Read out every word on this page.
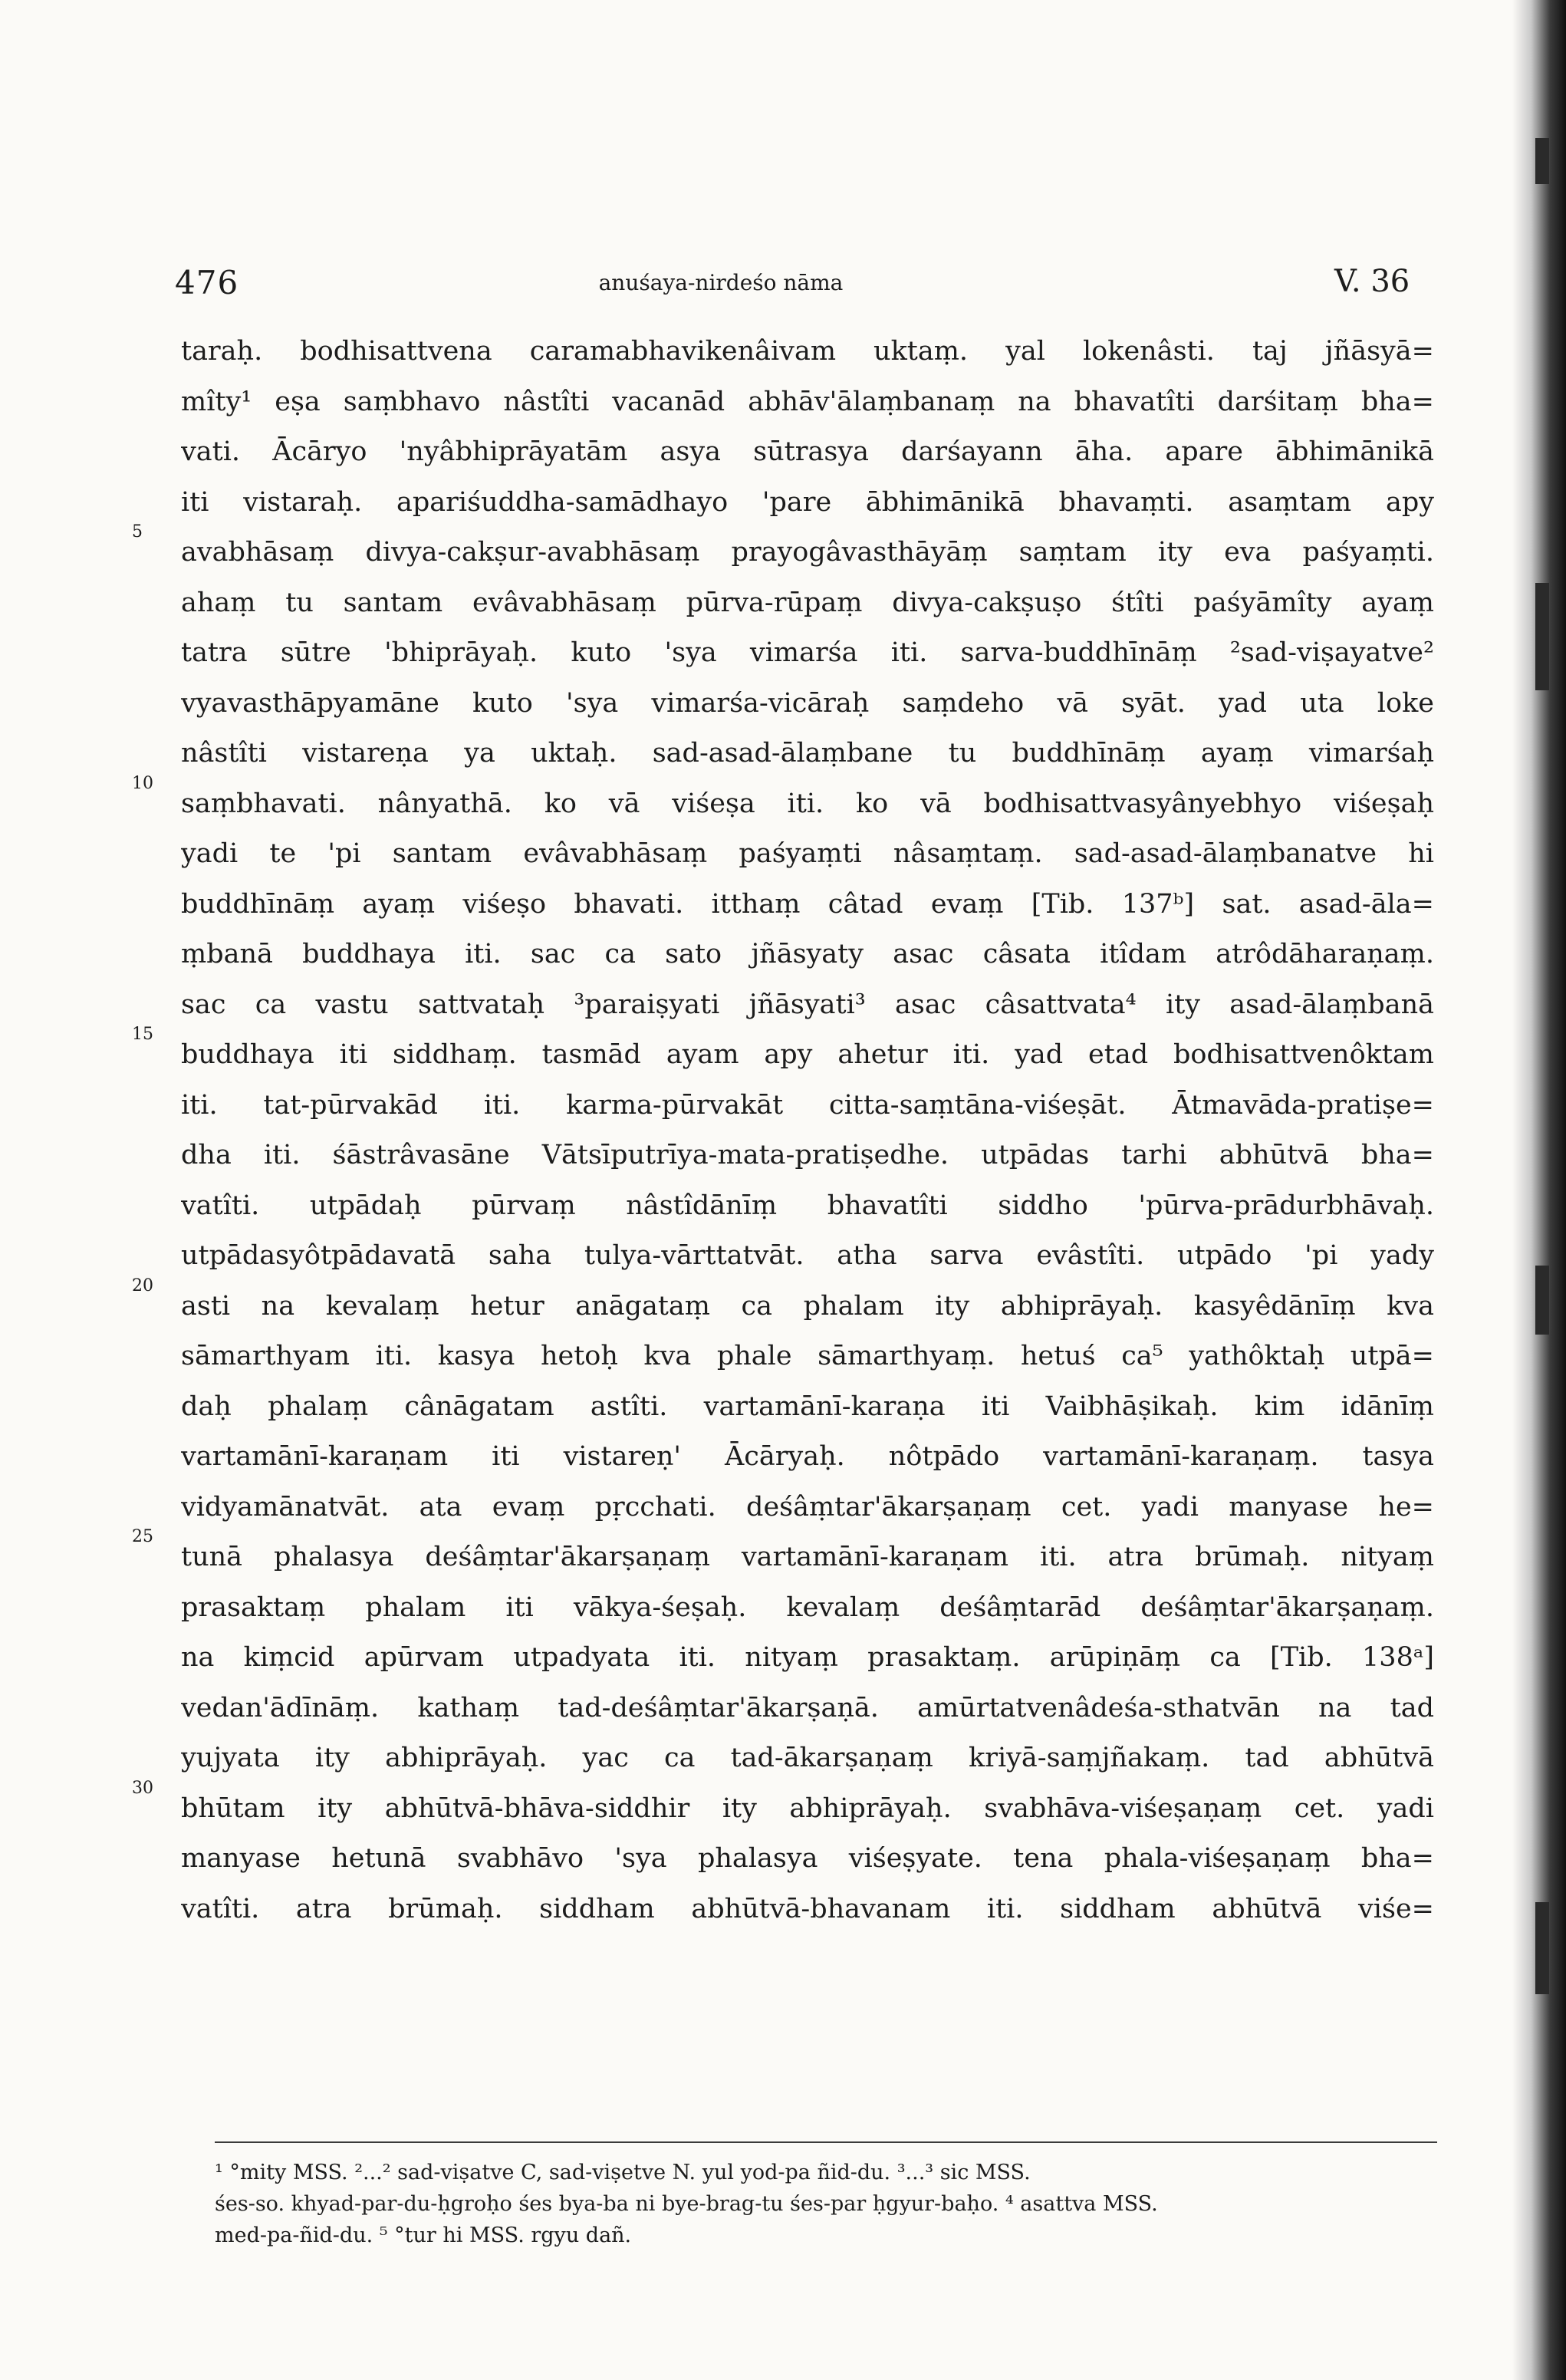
476	anuśaya-nirdeśo nāma	V. 36
5
10
15
20
25
30
taraḥ. bodhisattvena caramabhavikenâivam uktaṃ. yal lokenâsti. taj jñāsyā=
mîty¹ eṣa saṃbhavo nâstîti vacanād abhāv'ālaṃbanaṃ na bhavatîti darśitaṃ bha=
vati. Ācāryo 'nyâbhiprāyatām asya sūtrasya darśayann āha. apare ābhimānikā
iti vistaraḥ. apariśuddha-samādhayo 'pare ābhimānikā bhavaṃti. asaṃtam apy
avabhāsaṃ divya-cakṣur-avabhāsaṃ prayogâvasthāyāṃ saṃtam ity eva paśyaṃti.
ahaṃ tu santam evâvabhāsaṃ pūrva-rūpaṃ divya-cakṣuṣo śtîti paśyāmîty ayaṃ
tatra sūtre 'bhiprāyaḥ. kuto 'sya vimarśa iti. sarva-buddhīnāṃ ²sad-viṣayatve²
vyavasthāpyamāne kuto 'sya vimarśa-vicāraḥ saṃdeho vā syāt. yad uta loke
nâstîti vistareṇa ya uktaḥ. sad-asad-ālaṃbane tu buddhīnāṃ ayaṃ vimarśaḥ
saṃbhavati. nânyathā. ko vā viśeṣa iti. ko vā bodhisattvasyânyebhyo viśeṣaḥ
yadi te 'pi santam evâvabhāsaṃ paśyaṃti nâsaṃtaṃ. sad-asad-ālaṃbanatve hi
buddhīnāṃ ayaṃ viśeṣo bhavati. itthaṃ câtad evaṃ [Tib. 137ᵇ] sat. asad-āla=
ṃbanā buddhaya iti. sac ca sato jñāsyaty asac câsata itîdam atrôdāharaṇaṃ.
sac ca vastu sattvataḥ ³paraiṣyati jñāsyati³ asac câsattvata⁴ ity asad-ālaṃbanā
buddhaya iti siddhaṃ. tasmād ayam apy ahetur iti. yad etad bodhisattvenôktam
iti. tat-pūrvakād iti. karma-pūrvakāt citta-saṃtāna-viśeṣāt. Ātmavāda-pratiṣe=
dha iti. śāstrâvasāne Vātsīputrīya-mata-pratiṣedhe. utpādas tarhi abhūtvā bha=
vatîti. utpādaḥ pūrvaṃ nâstîdānīṃ bhavatîti siddho 'pūrva-prādurbhāvaḥ.
utpādasyôtpādavatā saha tulya-vārttatvāt. atha sarva evâstîti. utpādo 'pi yady
asti na kevalaṃ hetur anāgataṃ ca phalam ity abhiprāyaḥ. kasyêdānīṃ kva
sāmarthyam iti. kasya hetoḥ kva phale sāmarthyaṃ. hetuś ca⁵ yathôktaḥ utpā=
daḥ phalaṃ cânāgatam astîti. vartamānī-karaṇa iti Vaibhāṣikaḥ. kim idānīṃ
vartamānī-karaṇam iti vistareṇ' Ācāryaḥ. nôtpādo vartamānī-karaṇaṃ. tasya
vidyamānatvāt. ata evaṃ pṛcchati. deśâṃtar'ākarṣaṇaṃ cet. yadi manyase he=
tunā phalasya deśâṃtar'ākarṣaṇaṃ vartamānī-karaṇam iti. atra brūmaḥ. nityaṃ
prasaktaṃ phalam iti vākya-śeṣaḥ. kevalaṃ deśâṃtarād deśâṃtar'ākarṣaṇaṃ.
na kiṃcid apūrvam utpadyata iti. nityaṃ prasaktaṃ. arūpiṇāṃ ca [Tib. 138ᵃ]
vedan'ādīnāṃ. kathaṃ tad-deśâṃtar'ākarṣaṇā. amūrtatvenâdeśa-sthatvān na tad
yujyata ity abhiprāyaḥ. yac ca tad-ākarṣaṇaṃ kriyā-saṃjñakaṃ. tad abhūtvā
bhūtam ity abhūtvā-bhāva-siddhir ity abhiprāyaḥ. svabhāva-viśeṣaṇaṃ cet. yadi
manyase hetunā svabhāvo 'sya phalasya viśeṣyate. tena phala-viśeṣaṇaṃ bha=
vatîti. atra brūmaḥ. siddham abhūtvā-bhavanam iti. siddham abhūtvā viśe=
¹ °mity MSS. ²...² sad-viṣatve C, sad-viṣetve N. yul yod-pa ñid-du. ³...³ sic MSS.
śes-so. khyad-par-du-ḥgroḥo śes bya-ba ni bye-brag-tu śes-par ḥgyur-baḥo. ⁴ asattva MSS.
med-pa-ñid-du. ⁵ °tur hi MSS. rgyu dañ.
